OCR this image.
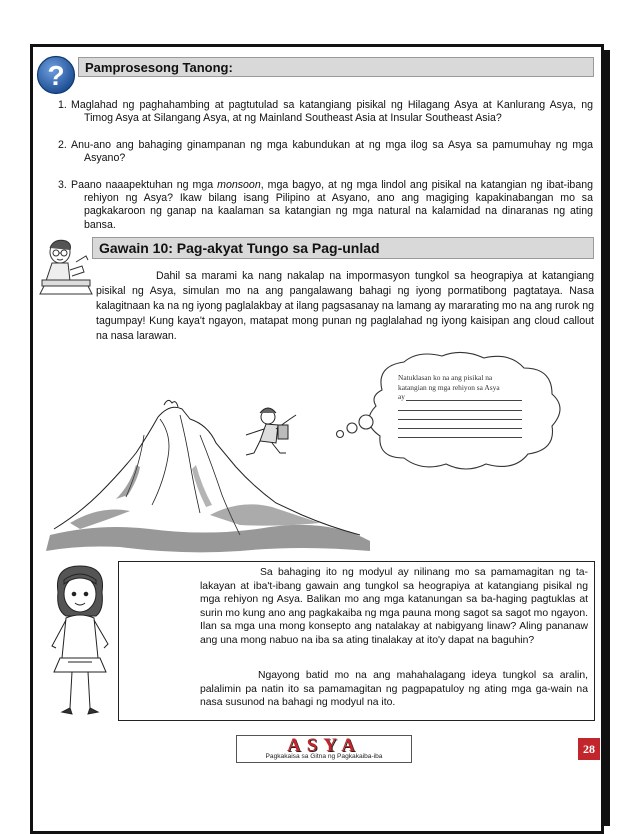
?	Pamprosesong Tanong:
1. Maglahad ng paghahambing at pagtutulad sa katangiang pisikal ng Hilagang Asya at Kanlurang Asya, ng Timog Asya at Silangang Asya, at ng Mainland Southeast Asia at Insular Southeast Asia?
2. Anu-ano ang bahaging ginampanan ng mga kabundukan at ng mga ilog sa Asya sa pamumuhay ng mga Asyano?
3. Paano naaapektuhan ng mga monsoon, mga bagyo, at ng mga lindol ang pisikal na katangian ng ibat-ibang rehiyon ng Asya? Ikaw bilang isang Pilipino at Asyano, ano ang magiging kapakinabangan mo sa pagkakaroon ng ganap na kaalaman sa katangian ng mga natural na kalamidad na dinaranas ng ating bansa.
Gawain 10: Pag-akyat Tungo sa Pag-unlad
Dahil sa marami ka nang nakalap na impormasyon tungkol sa heograpiya at katangiang pisikal ng Asya, simulan mo na ang pangalawang bahagi ng iyong pormatibong pagtataya. Nasa kalagitnaan ka na ng iyong paglalakbay at ilang pagsasanay na lamang ay mararating mo na ang rurok ng tagumpay! Kung kaya't ngayon, matapat mong punan ng paglalahad ng iyong kaisipan ang cloud callout na nasa larawan.
Natuklasan ko na ang pisikal na katangian ng mga rehiyon sa Asya
ay
Sa bahaging ito ng modyul ay nilinang mo sa pamamagitan ng ta-lakayan at iba't-ibang gawain ang tungkol sa heograpiya at katangiang pisikal ng mga rehiyon ng Asya. Balikan mo ang mga katanungan sa ba-haging pagtuklas at surin mo kung ano ang pagkakaiba ng mga pauna mong sagot sa sagot mo ngayon. Ilan sa mga una mong konsepto ang natalakay at nabigyang linaw? Aling pananaw ang una mong nabuo na iba sa ating tinalakay at ito'y dapat na baguhin?
Ngayong batid mo na ang mahahalagang ideya tungkol sa aralin, palalimin pa natin ito sa pamamagitan ng pagpapatuloy ng ating mga ga-wain na nasa susunod na bahagi ng modyul na ito.
ASYA
Pagkakaisa sa Gitna ng Pagkakaiba-iba
28
